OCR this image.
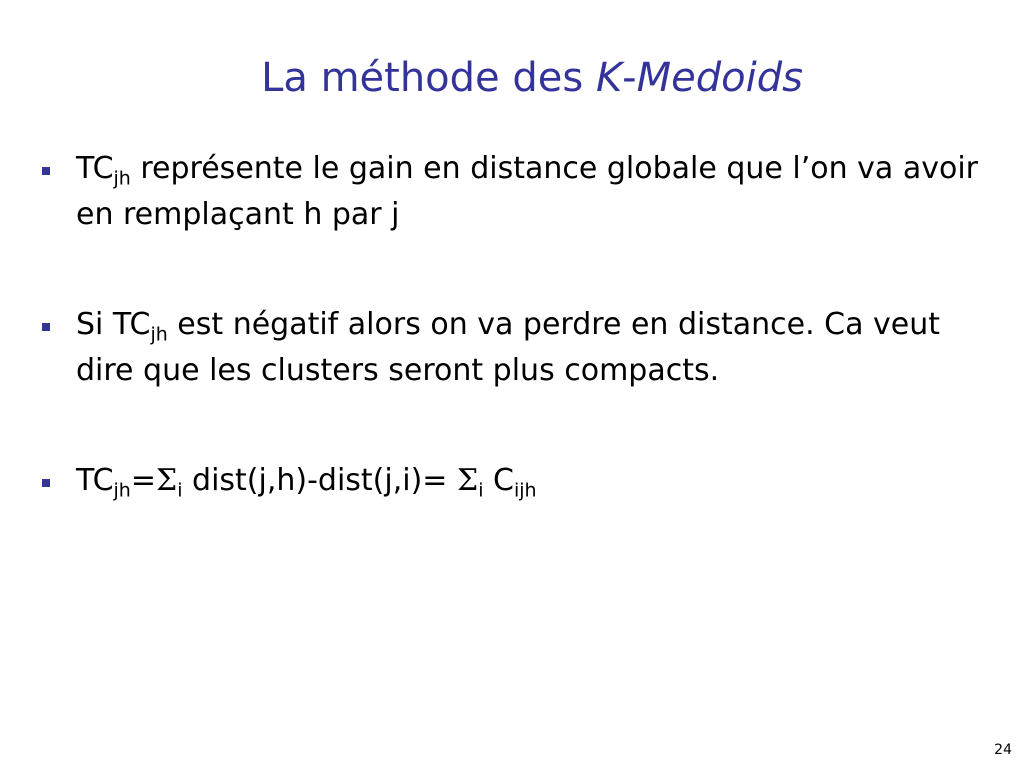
La méthode des K-Medoids
$TC_{jh}$ représente le gain en distance globale que l’on va avoir en remplaçant h par j
Si $TC_{jh}$ est négatif alors on va perdre en distance. Ca veut dire que les clusters seront plus compacts.
$TC_{jh}=\Sigma_i$ dist(j,h)-dist(j,i)= $\Sigma_i$ $C_{ijh}$
24
